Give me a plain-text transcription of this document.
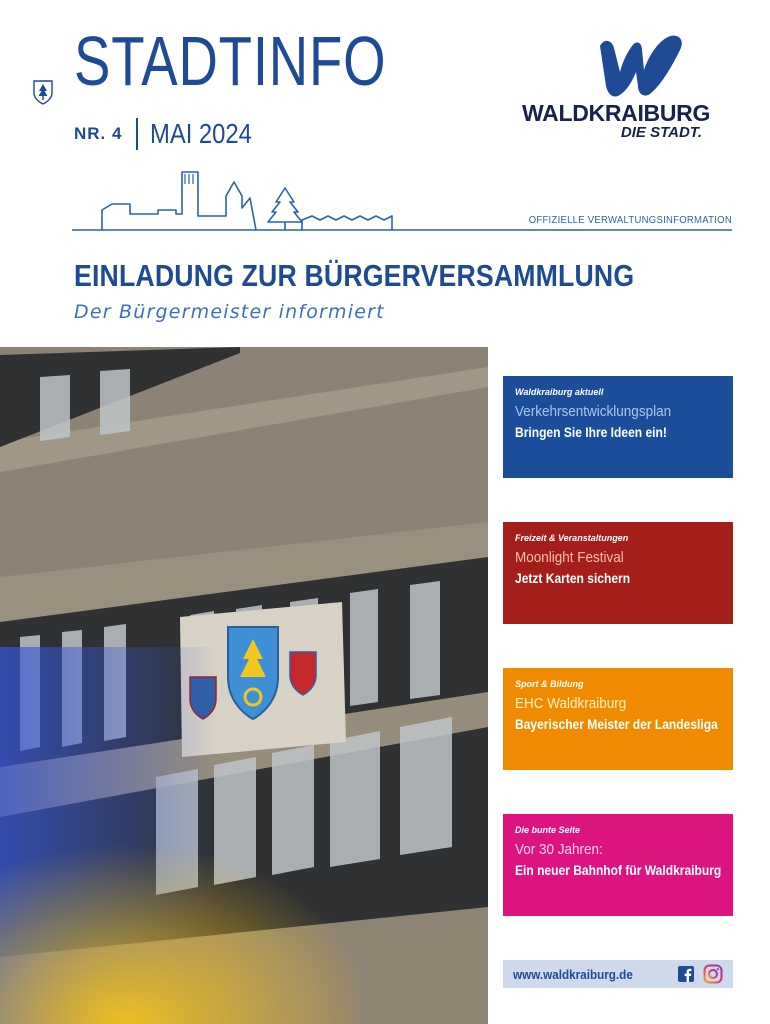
STADTINFO
NR. 4 MAI 2024
WALDKRAIBURG
DIE STADT.
OFFIZIELLE VERWALTUNGSINFORMATION
EINLADUNG ZUR BÜRGERVERSAMMLUNG
Der Bürgermeister informiert
Waldkraiburg aktuell
Verkehrsentwicklungsplan
Bringen Sie Ihre Ideen ein!
Freizeit & Veranstaltungen
Moonlight Festival
Jetzt Karten sichern
Sport & Bildung
EHC Waldkraiburg
Bayerischer Meister der Landesliga
Die bunte Seite
Vor 30 Jahren:
Ein neuer Bahnhof für Waldkraiburg
www.waldkraiburg.de
